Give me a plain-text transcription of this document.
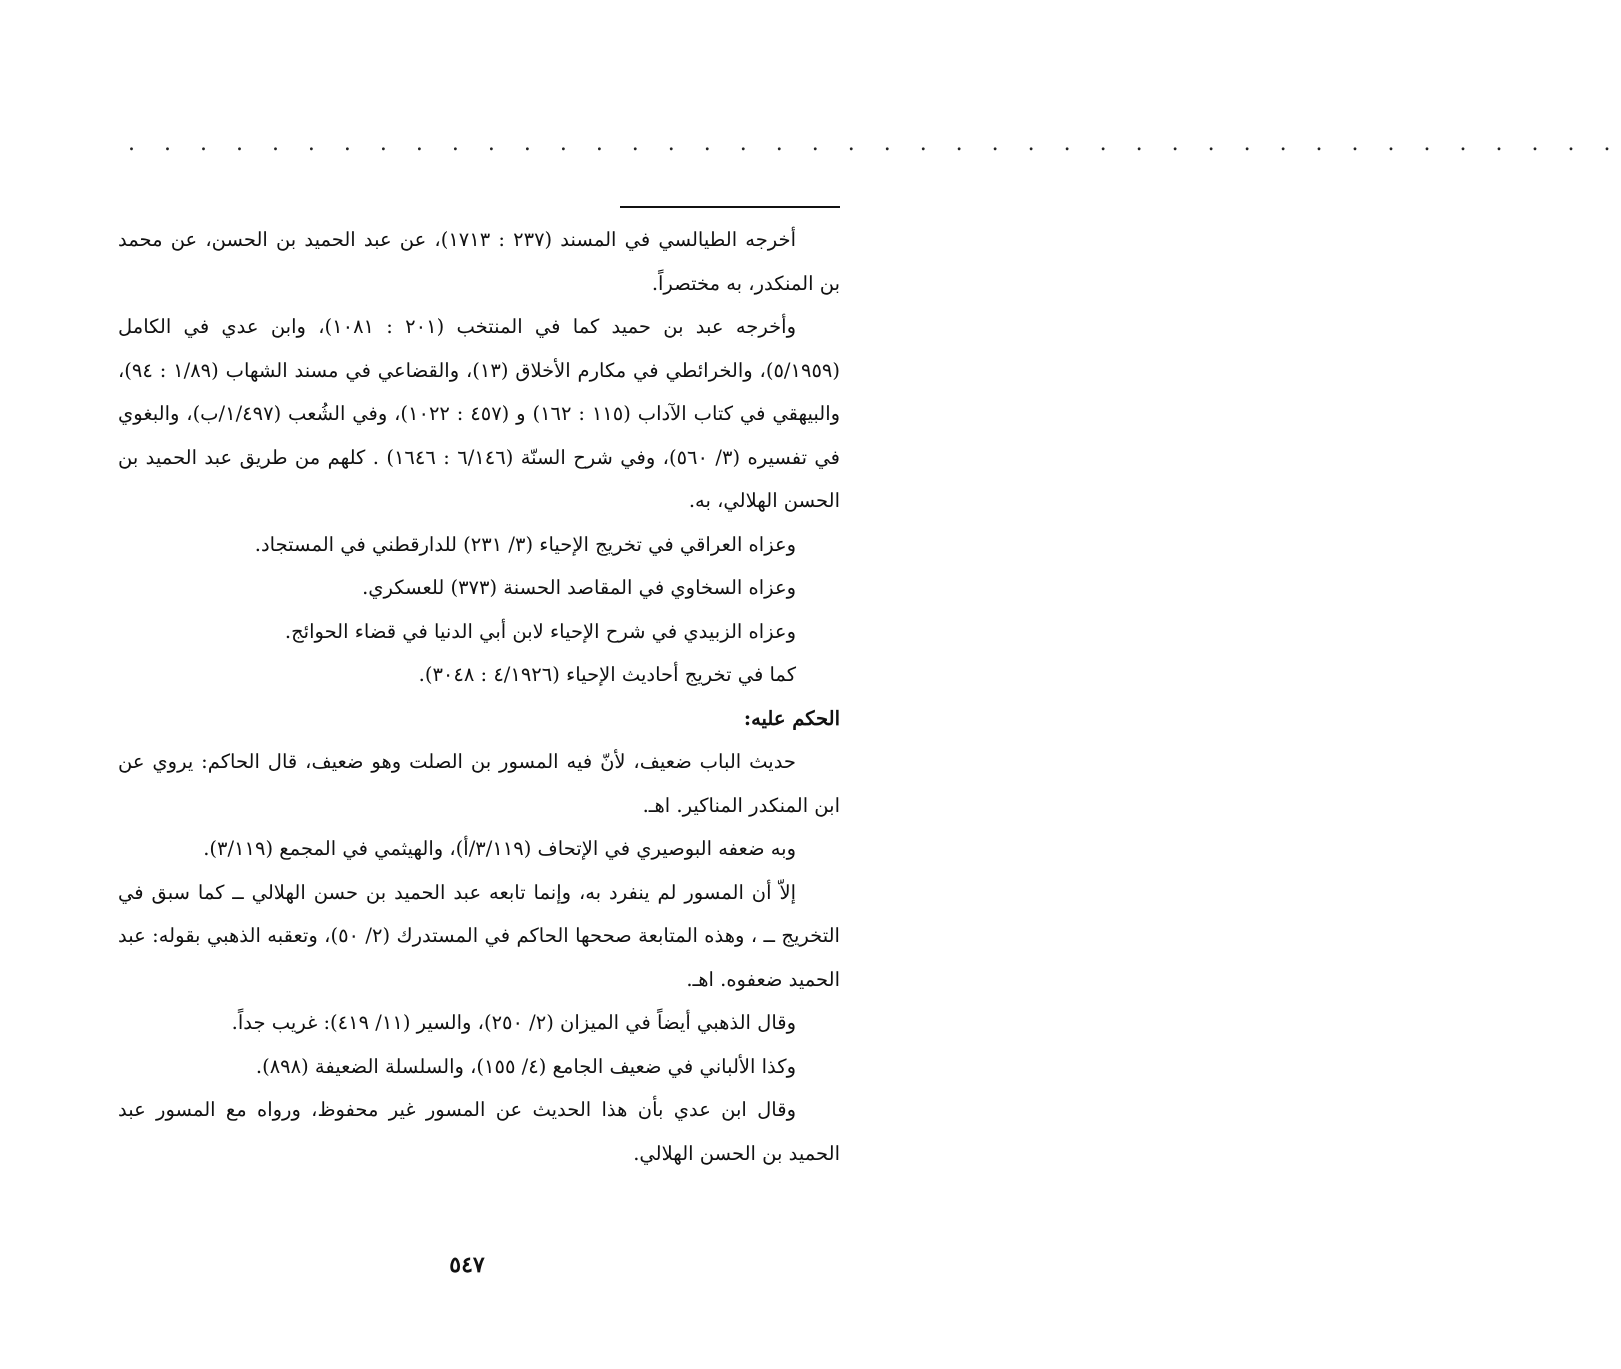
. . . . . . . . . . . . . . . . . . . . . . . . . . . . . . . . . . . . . . . . . .

أخرجه الطيالسي في المسند (٢٣٧ : ١٧١٣)، عن عبد الحميد بن الحسن، عن محمد بن المنكدر، به مختصراً.

وأخرجه عبد بن حميد كما في المنتخب (٢٠١ : ١٠٨١)، وابن عدي في الكامل (٥/١٩٥٩)، والخرائطي في مكارم الأخلاق (١٣)، والقضاعي في مسند الشهاب (١/٨٩ : ٩٤)، والبيهقي في كتاب الآداب (١١٥ : ١٦٢) و (٤٥٧ : ١٠٢٢)، وفي الشُعب (١/٤٩٧/ب)، والبغوي في تفسيره (٣/ ٥٦٠)، وفي شرح السنّة (٦/١٤٦ : ١٦٤٦) . كلهم من طريق عبد الحميد بن الحسن الهلالي، به.

وعزاه العراقي في تخريج الإحياء (٣/ ٢٣١) للدارقطني في المستجاد.

وعزاه السخاوي في المقاصد الحسنة (٣٧٣) للعسكري.

وعزاه الزبيدي في شرح الإحياء لابن أبي الدنيا في قضاء الحوائج.

كما في تخريج أحاديث الإحياء (٤/١٩٢٦ : ٣٠٤٨).

الحكم عليه:

حديث الباب ضعيف، لأنّ فيه المسور بن الصلت وهو ضعيف، قال الحاكم: يروي عن ابن المنكدر المناكير. اهـ.

وبه ضعفه البوصيري في الإتحاف (٣/١١٩/أ)، والهيثمي في المجمع (٣/١١٩).

إلاّ أن المسور لم ينفرد به، وإنما تابعه عبد الحميد بن حسن الهلالي ــ كما سبق في التخريج ــ ، وهذه المتابعة صححها الحاكم في المستدرك (٢/ ٥٠)، وتعقبه الذهبي بقوله: عبد الحميد ضعفوه. اهـ.

وقال الذهبي أيضاً في الميزان (٢/ ٢٥٠)، والسير (١١/ ٤١٩): غريب جداً.

وكذا الألباني في ضعيف الجامع (٤/ ١٥٥)، والسلسلة الضعيفة (٨٩٨).

وقال ابن عدي بأن هذا الحديث عن المسور غير محفوظ، ورواه مع المسور عبد الحميد بن الحسن الهلالي.

٥٤٧
